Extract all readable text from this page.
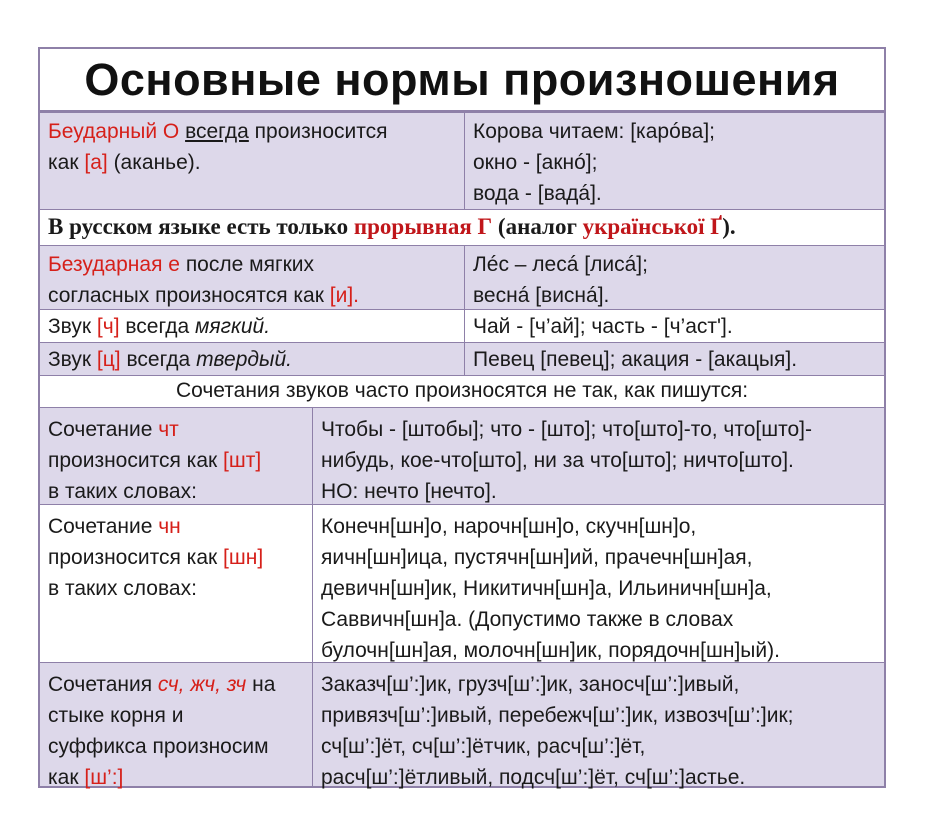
Основные нормы произношения
Беударный О всегда произносится
как [а] (аканье).
Корова читаем: [карóва];
окно - [акнó];
вода - [вадá].
В русском языке есть только прорывная Г (аналог української Ґ).
Безударная е после мягких
согласных произносятся как [и].
Лéс – лесá [лисá];
веснá [виснá].
Звук [ч] всегда мягкий.	Чай - [ч’ай]; часть - [ч’аст'].
Звук [ц] всегда твердый.	Певец [певец]; акация - [акацыя].
Сочетания звуков часто произносятся не так, как пишутся:
Сочетание чт
произносится как [шт]
в таких словах:
Чтобы - [штобы]; что - [што]; что[што]-то, что[што]-
нибудь, кое-что[што], ни за что[што]; ничто[што].
НО: нечто [нечто].
Сочетание чн
произносится как [шн]
в таких словах:
Конечн[шн]о, нарочн[шн]о, скучн[шн]о,
яичн[шн]ица, пустячн[шн]ий, прачечн[шн]ая,
девичн[шн]ик, Никитичн[шн]а, Ильиничн[шн]а,
Саввичн[шн]а. (Допустимо также в словах
булочн[шн]ая, молочн[шн]ик, порядочн[шн]ый).
Сочетания сч, жч, зч на
стыке корня и
суффикса произносим
как [ш’:]
Заказч[ш’:]ик, грузч[ш’:]ик, заносч[ш’:]ивый,
привязч[ш’:]ивый, перебежч[ш’:]ик, извозч[ш’:]ик;
сч[ш’:]ёт, сч[ш’:]ётчик, расч[ш’:]ёт,
расч[ш’:]ётливый, подсч[ш’:]ёт, сч[ш’:]астье.
